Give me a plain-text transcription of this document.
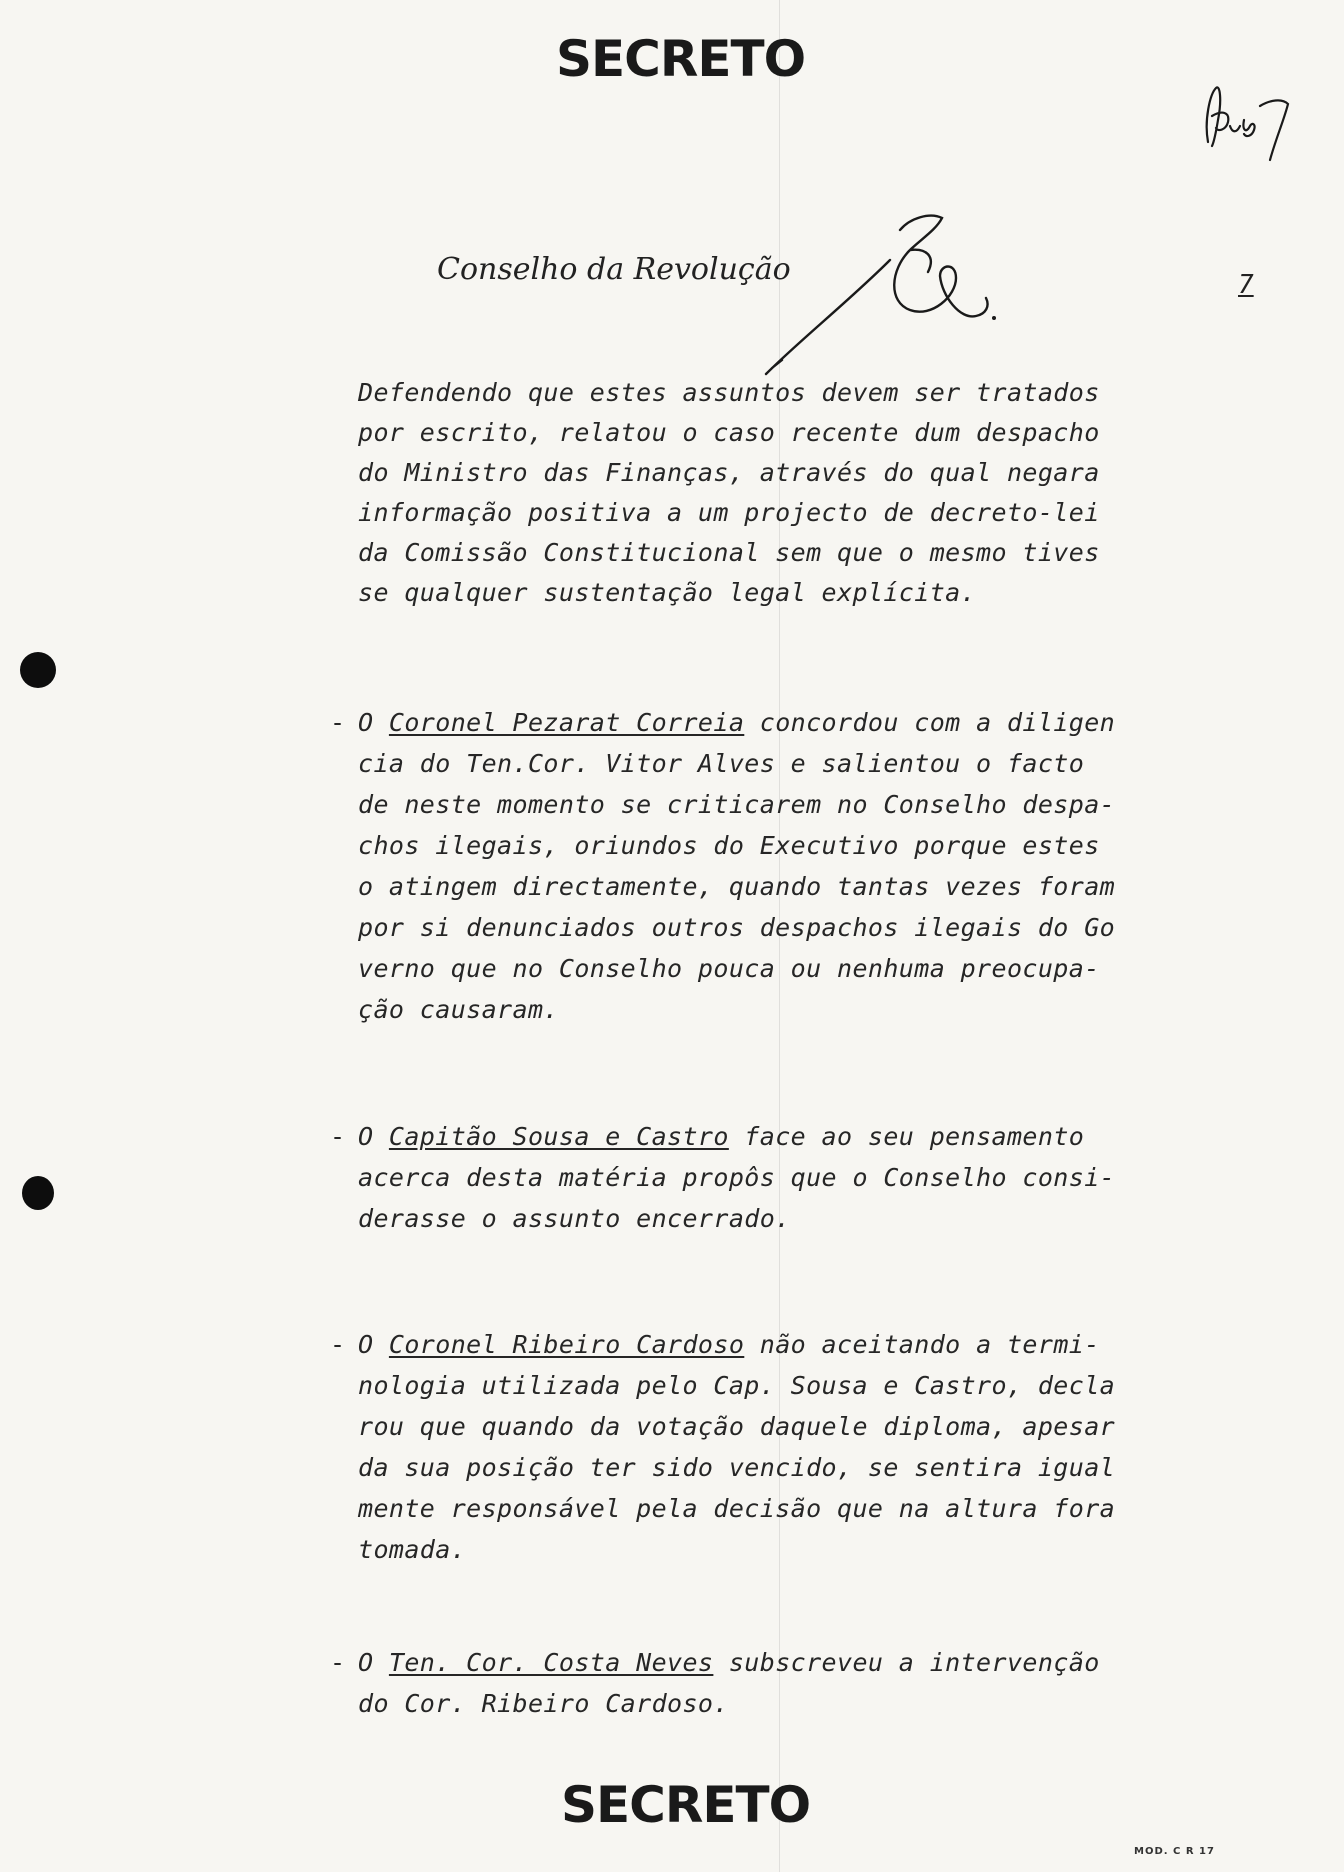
SECRETO
Conselho da Revolução	7
Defendendo que estes assuntos devem ser tratados
por escrito, relatou o caso recente dum despacho
do Ministro das Finanças, através do qual negara
informação positiva a um projecto de decreto-lei
da Comissão Constitucional sem que o mesmo tives
se qualquer sustentação legal explícita.
- O Coronel Pezarat Correia concordou com a diligen
cia do Ten.Cor. Vitor Alves e salientou o facto
de neste momento se criticarem no Conselho despa-
chos ilegais, oriundos do Executivo porque estes
o atingem directamente, quando tantas vezes foram
por si denunciados outros despachos ilegais do Go
verno que no Conselho pouca ou nenhuma preocupa-
ção causaram.
- O Capitão Sousa e Castro face ao seu pensamento
acerca desta matéria propôs que o Conselho consi-
derasse o assunto encerrado.
- O Coronel Ribeiro Cardoso não aceitando a termi-
nologia utilizada pelo Cap. Sousa e Castro, decla
rou que quando da votação daquele diploma, apesar
da sua posição ter sido vencido, se sentira igual
mente responsável pela decisão que na altura fora
tomada.
- O Ten. Cor. Costa Neves subscreveu a intervenção
do Cor. Ribeiro Cardoso.
SECRETO
MOD. C R 17
